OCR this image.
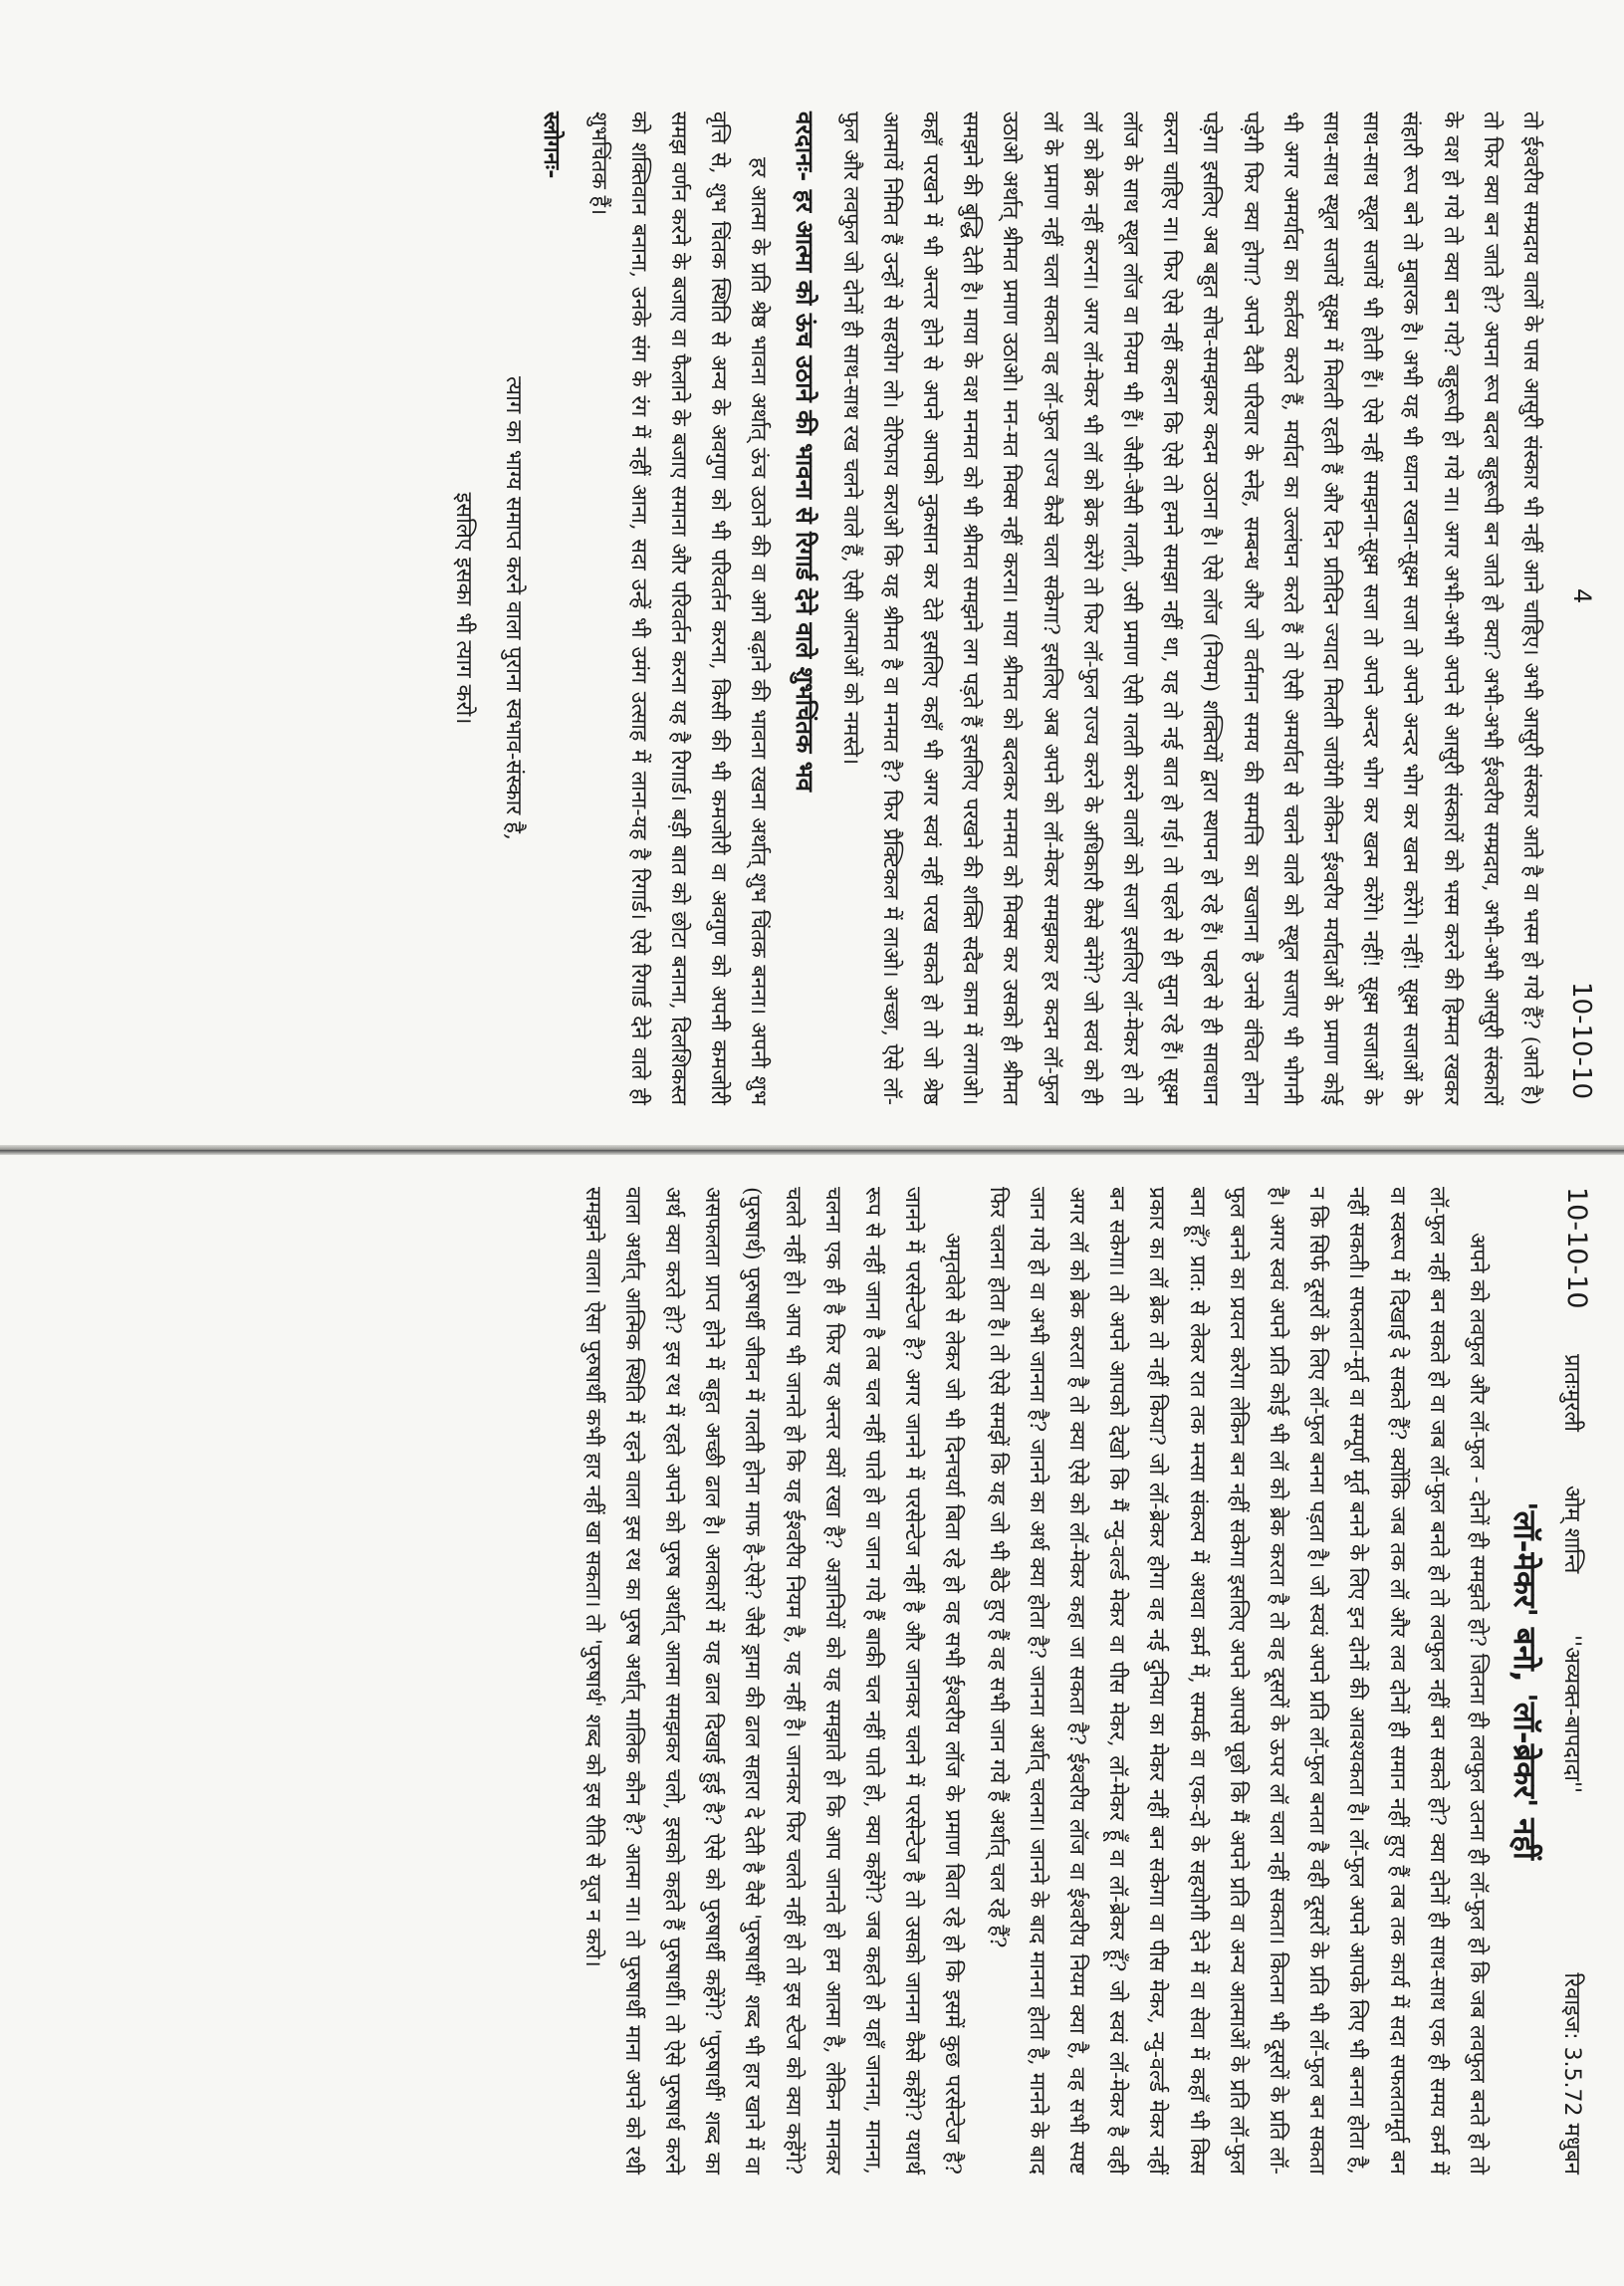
4
10-10-10

तो ईश्वरीय सम्प्रदाय वालों के पास आसुरी संस्कार भी नहीं आने चाहिए। अभी आसुरी संस्कार आते है वा भस्म हो गये हैं? (आते है) तो फिर क्या बन जाते हो? अपना रूप बदल बहुरूपी बन जाते हो क्या? अभी-अभी ईश्वरीय सम्प्रदाय, अभी-अभी आसुरी संस्कारों के वश हो गये तो क्या बन गये? बहुरूपी हो गये ना। अगर अभी-अभी अपने से आसुरी संस्कारों को भस्म करने की हिम्मत रखकर संहारी रूप बने तो मुबारक है। अभी यह भी ध्यान रखना-सूक्ष्म सजा तो अपने अन्दर भोग कर खत्म करेंगे। नहीं! सूक्ष्म सजाओं के साथ-साथ स्थूल सजायें भी होती हैं। ऐसे नहीं समझना-सूक्ष्म सजा तो अपने अन्दर भोग कर खत्म करेंगे। नहीं! सूक्ष्म सजाओं के साथ-साथ स्थूल सजायें सूक्ष्म में मिलती रहती हैं और दिन प्रतिदिन ज्यादा मिलती जायेंगी लेकिन ईश्वरीय मर्यादाओं के प्रमाण कोई भी अगर अमर्यादा का कर्तव्य करते हैं, मर्यादा का उल्लंघन करते हैं तो ऐसी अमर्यादा से चलने वाले को स्थूल सजाए भी भोगनी पड़ेगी फिर क्या होगा? अपने दैवी परिवार के स्नेह, सम्बन्ध और जो वर्तमान समय की सम्पत्ति का खजाना है उनसे वंचित होना पड़ेगा इसलिए अब बहुत सोच-समझकर कदम उठाना है। ऐसे लॉज (नियम) शक्तियों द्वारा स्थापन हो रहे हैं। पहले से ही सावधान करना चाहिए ना। फिर ऐसे नहीं कहना कि ऐसे तो हमने समझा नहीं था, यह तो नई बात हो गई। तो पहले से ही सुना रहे हैं। सूक्ष्म लॉज के साथ स्थूल लॉज वा नियम भी हैं। जैसी-जैसी गलती, उसी प्रमाण ऐसी गलती करने वालों को सजा इसलिए लॉ-मेकर हो तो लॉ को ब्रेक नहीं करना। अगर लॉ-मेकर भी लॉ को ब्रेक करेंगे तो फिर लॉ-फुल राज्य करने के अधिकारी कैसे बनेंगे? जो स्वयं को ही लॉ के प्रमाण नहीं चला सकता वह लॉ-फुल राज्य कैसे चला सकेगा? इसलिए अब अपने को लॉ-मेकर समझकर हर कदम लॉ-फुल उठाओ अर्थात् श्रीमत प्रमाण उठाओ। मन-मत मिक्स नहीं करना। माया श्रीमत को बदलकर मनमत को मिक्स कर उसको ही श्रीमत समझने की बुद्धि देती है। माया के वश मनमत को भी श्रीमत समझने लग पड़ते हैं इसलिए परखने की शक्ति सदैव काम में लगाओ। कहाँ परखने में भी अन्तर होने से अपने आपको नुकसान कर देते इसलिए कहाँ भी अगर स्वयं नहीं परख सकते हो तो जो श्रेष्ठ आत्मायें निमित हैं उन्हों से सहयोग लो। वेरिफाय कराओ कि यह श्रीमत है वा मनमत है? फिर प्रैक्टिकल में लाओ। अच्छा, ऐसे लॉ-फुल और लवफुल जो दोनों ही साथ-साथ रख चलने वाले हैं, ऐसी आत्माओं को नमस्ते।

वरदानः- हर आत्मा को ऊंच उठाने की भावना से रिगार्ड देने वाले शुभचिंतक भव

हर आत्मा के प्रति श्रेष्ठ भावना अर्थात् ऊंच उठाने की वा आगे बढ़ाने की भावना रखना अर्थात् शुभ चिंतक बनना। अपनी शुभ वृत्ति से, शुभ चिंतक स्थिति से अन्य के अवगुण को भी परिवर्तन करना, किसी की भी कमजोरी वा अवगुण को अपनी कमजोरी समझ वर्णन करने के बजाए वा फैलाने के बजाए समाना और परिवर्तन करना यह है रिगार्ड। बड़ी बात को छोटा बनाना, दिलशिकस्त को शक्तिवान बनाना, उनके संग के रंग में नहीं आना, सदा उन्हें भी उमंग उत्साह में लाना-यह है रिगार्ड। ऐसे रिगार्ड देने वाले ही शुभचिंतक हैं।

स्लोगनः-
त्याग का भाग्य समाप्त करने वाला पुराना स्वभाव-संस्कार है,
इसलिए इसका भी त्याग करो।
10-10-10
प्रातःमुरली
ओम् शान्ति
''अव्यक्त-बापदादा''
रिवाइज: 3.5.72 मधुबन
'लॉ-मेकर' बनो, 'लॉ-ब्रेकर' नहीं

अपने को लवफुल और लॉ-फुल - दोनों ही समझते हो? जितना ही लवफुल उतना ही लॉ-फुल हो कि जब लवफुल बनते हो तो लॉ-फुल नहीं बन सकते हो वा जब लॉ-फुल बनते हो तो लवफुल नहीं बन सकते हो? क्या दोनों ही साथ-साथ एक ही समय कर्म में वा स्वरूप में दिखाई दे सकते हैं? क्योंकि जब तक लॉ और लव दोनों ही समान नहीं हुए हैं तब तक कार्य में सदा सफलतामूर्त बन नहीं सकती। सफलता-मूर्त वा सम्पूर्ण मूर्त बनने के लिए इन दोनों की आवश्यकता है। लॉ-फुल अपने आपके लिए भी बनना होता है, न कि सिर्फ दूसरों के लिए लॉ-फुल बनना पड़ता है। जो स्वयं अपने प्रति लॉ-फुल बनता है वही दूसरों के प्रति भी लॉ-फुल बन सकता है। अगर स्वयं अपने प्रति कोई भी लॉ को ब्रेक करता है तो वह दूसरों के ऊपर लॉ चला नहीं सकता। कितना भी दूसरों के प्रति लॉ-फुल बनने का प्रयत्न करेगा लेकिन बन नहीं सकेगा इसलिए अपने आपसे पूछो कि मैं अपने प्रति वा अन्य आत्माओं के प्रति लॉ-फुल बना हूँ? प्रात: से लेकर रात तक मन्सा संकल्प में अथवा कर्म में, सम्पर्क वा एक-दो के सहयोगी देने में वा सेवा में कहाँ भी किस प्रकार का लॉ ब्रेक तो नहीं किया? जो लॉ-ब्रेकर होगा वह नई दुनिया का मेकर नहीं बन सकेगा वा पीस मेकर, न्यु-वर्ल्ड मेकर नहीं बन सकेगा। तो अपने आपको देखो कि मैं न्यु-वर्ल्ड मेकर वा पीस मेकर, लॉ-मेकर हूँ वा लॉ-ब्रेकर हूँ? जो स्वयं लॉ-मेकर है वही अगर लॉ को ब्रेक करता है तो क्या ऐसे को लॉ-मेकर कहा जा सकता है? ईश्वरीय लॉज वा ईश्वरीय नियम क्या है, वह सभी स्पष्ट जान गये हो वा अभी जानना है? जानने का अर्थ क्या होता है? जानना अर्थात् चलना। जानने के बाद मानना होता है, मानने के बाद फिर चलना होता है। तो ऐसे समझें कि यह जो भी बैठे हुए हैं वह सभी जान गये हैं अर्थात् चल रहे हैं?

अमृतवेले से लेकर जो भी दिनचर्या बिता रहे हो वह सभी ईश्वरीय लॉज के प्रमाण बिता रहे हो कि इसमें कुछ परसेन्टेज है? जानने में परसेन्टेज है? अगर जानने में परसेन्टेज नहीं है और जानकर चलने में परसेन्टेज है तो उसको जानना कैसे कहेंगे? यथार्थ रूप से नहीं जाना है तब चल नहीं पाते हो वा जान गये हैं बाकी चल नहीं पाते हो, क्या कहेंगे? जब कहते हो यहाँ जानना, मानना, चलना एक ही है फिर यह अन्तर क्यों रखा है? अज्ञानियों को यह समझाते हो कि आप जानते हो हम आत्मा है, लेकिन मानकर चलते नहीं हो। आप भी जानते हो कि यह ईश्वरीय नियम है, यह नहीं है। जानकर फिर चलते नहीं हो तो इस स्टेज को क्या कहेंगे? (पुरुषार्थ) पुरुषार्थी जीवन में गलती होना माफ है-ऐसे? जैसे ड्रामा की ढाल सहारा दे देती है वैसे 'पुरुषार्थी' शब्द भी हार खाने में वा असफलता प्राप्त होने में बहुत अच्छी ढाल है। अलकारों में यह ढाल दिखाई हुई है? ऐसे को पुरुषार्थी कहेंगे? 'पुरुषार्थी' शब्द का अर्थ क्या करते हो? इस रथ में रहते अपने को पुरुष अर्थात् आत्मा समझकर चलो, इसको कहते हैं पुरुषार्थी। तो ऐसे पुरुषार्थ करने वाला अर्थात् आत्मिक स्थिति में रहने वाला इस रथ का पुरुष अर्थात् मालिक कौन है? आत्मा ना। तो पुरुषार्थी माना अपने को रथी समझने वाला। ऐसा पुरुषार्थी कभी हार नहीं खा सकता। तो 'पुरुषार्थ' शब्द को इस रीति से यूज न करो।
